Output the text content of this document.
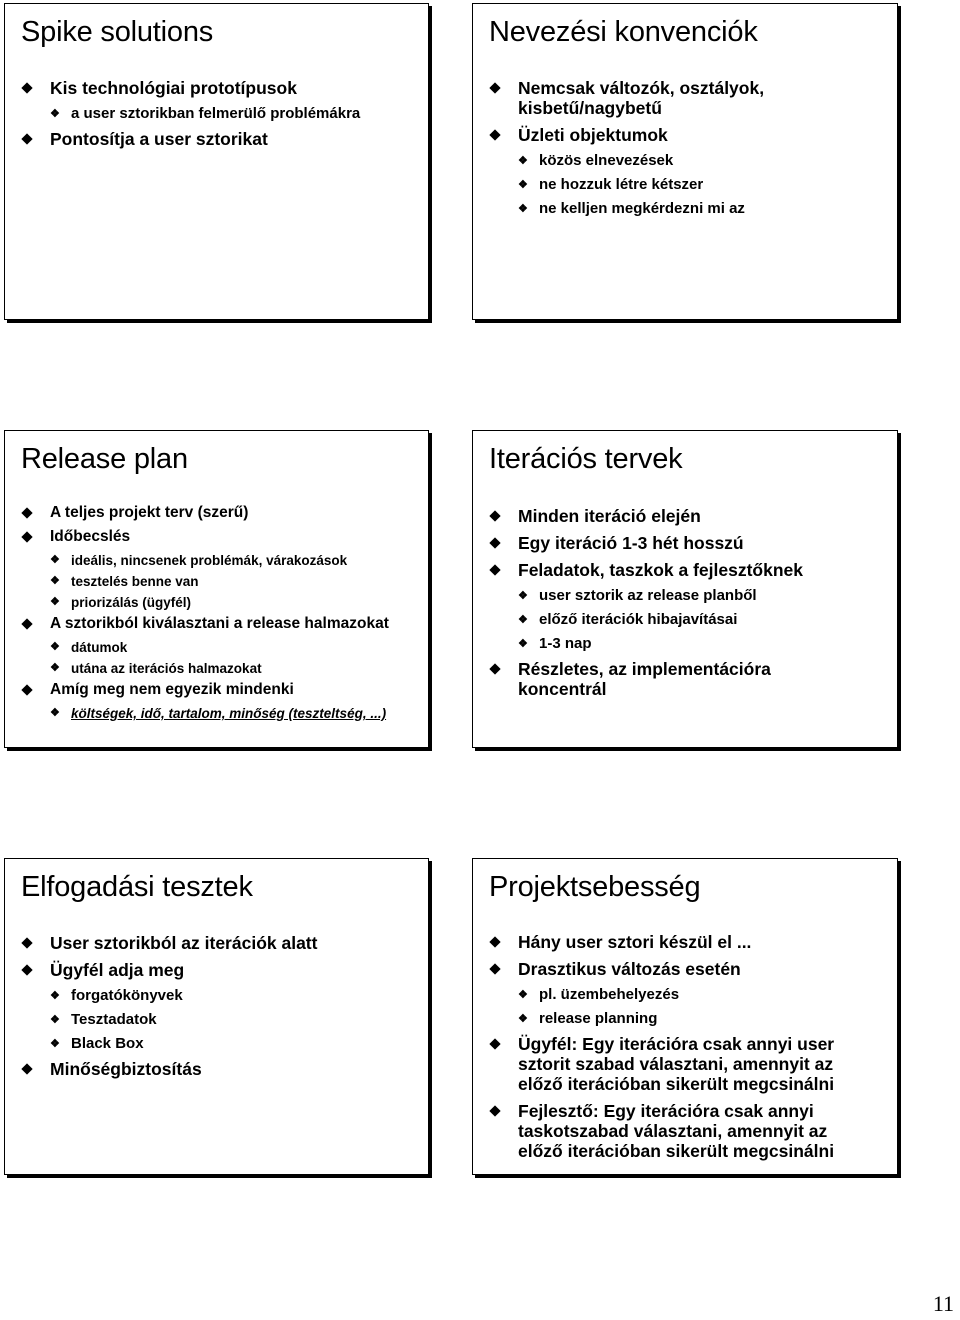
Spike solutions
Kis technológiai prototípusok
❖ a user sztorikban felmerülő problémákra
Pontosítja a user sztorikat
Nevezési konvenciók
Nemcsak változók, osztályok, kisbetű/nagybetű
Üzleti objektumok
❖ közös elnevezések
❖ ne hozzuk létre kétszer
❖ ne kelljen megkérdezni mi az
Release plan
A teljes projekt terv (szerű)
Időbecslés
❖ ideális, nincsenek problémák, várakozások
❖ tesztelés benne van
❖ priorizálás (ügyfél)
A sztorikból kiválasztani a release halmazokat
❖ dátumok
❖ utána az iterációs halmazokat
Amíg meg nem egyezik mindenki
❖ költségek, idő, tartalom, minőség (teszteltség, ...)
Iterációs tervek
Minden iteráció elején
Egy iteráció 1-3 hét hosszú
Feladatok, taszkok a fejlesztőknek
❖ user sztorik az release planből
❖ előző iterációk hibajavításai
❖ 1-3 nap
Részletes, az implementációra koncentrál
Elfogadási tesztek
User sztorikból az iterációk alatt
Ügyfél adja meg
❖ forgatókönyvek
❖ Tesztadatok
❖ Black Box
Minőségbiztosítás
Projektsebesség
Hány user sztori készül el ...
Drasztikus változás esetén
❖ pl. üzembehelyezés
❖ release planning
Ügyfél: Egy iterációra csak annyi user sztorit szabad választani, amennyit az előző iterációban sikerült megcsinálni
Fejlesztő: Egy iterációra csak annyi taskotszabad választani, amennyit az előző iterációban sikerült megcsinálni
11
